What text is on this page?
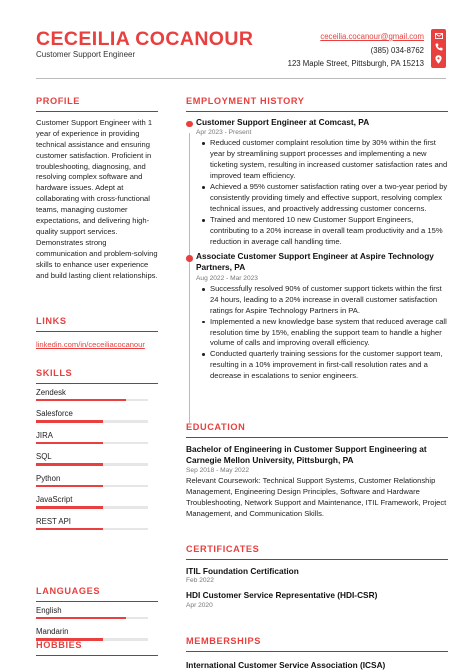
CECEILIA COCANOUR
Customer Support Engineer
ceceilia.cocanour@gmail.com
(385) 034-8762
123 Maple Street, Pittsburgh, PA 15213
PROFILE
Customer Support Engineer with 1 year of experience in providing technical assistance and ensuring customer satisfaction. Proficient in troubleshooting, diagnosing, and resolving complex software and hardware issues. Adept at collaborating with cross-functional teams, managing customer expectations, and delivering high-quality support services. Demonstrates strong communication and problem-solving skills to enhance user experience and build lasting client relationships.
LINKS
linkedin.com/in/ceceiliacocanour
SKILLS
Zendesk
Salesforce
JIRA
SQL
Python
JavaScript
REST API
LANGUAGES
English
Mandarin
HOBBIES
EMPLOYMENT HISTORY
Customer Support Engineer at Comcast, PA
Apr 2023 - Present
Reduced customer complaint resolution time by 30% within the first year by streamlining support processes and implementing a new ticketing system, resulting in increased customer satisfaction rates and improved team efficiency.
Achieved a 95% customer satisfaction rating over a two-year period by consistently providing timely and effective support, resolving complex technical issues, and proactively addressing customer concerns.
Trained and mentored 10 new Customer Support Engineers, contributing to a 20% increase in overall team productivity and a 15% reduction in average call handling time.
Associate Customer Support Engineer at Aspire Technology Partners, PA
Aug 2022 - Mar 2023
Successfully resolved 90% of customer support tickets within the first 24 hours, leading to a 20% increase in overall customer satisfaction ratings for Aspire Technology Partners in PA.
Implemented a new knowledge base system that reduced average call resolution time by 15%, enabling the support team to handle a higher volume of calls and improving overall efficiency.
Conducted quarterly training sessions for the customer support team, resulting in a 10% improvement in first-call resolution rates and a decrease in escalations to senior engineers.
EDUCATION
Bachelor of Engineering in Customer Support Engineering at Carnegie Mellon University, Pittsburgh, PA
Sep 2018 - May 2022
Relevant Coursework: Technical Support Systems, Customer Relationship Management, Engineering Design Principles, Software and Hardware Troubleshooting, Network Support and Maintenance, ITIL Framework, Project Management, and Communication Skills.
CERTIFICATES
ITIL Foundation Certification
Feb 2022
HDI Customer Service Representative (HDI-CSR)
Apr 2020
MEMBERSHIPS
International Customer Service Association (ICSA)
